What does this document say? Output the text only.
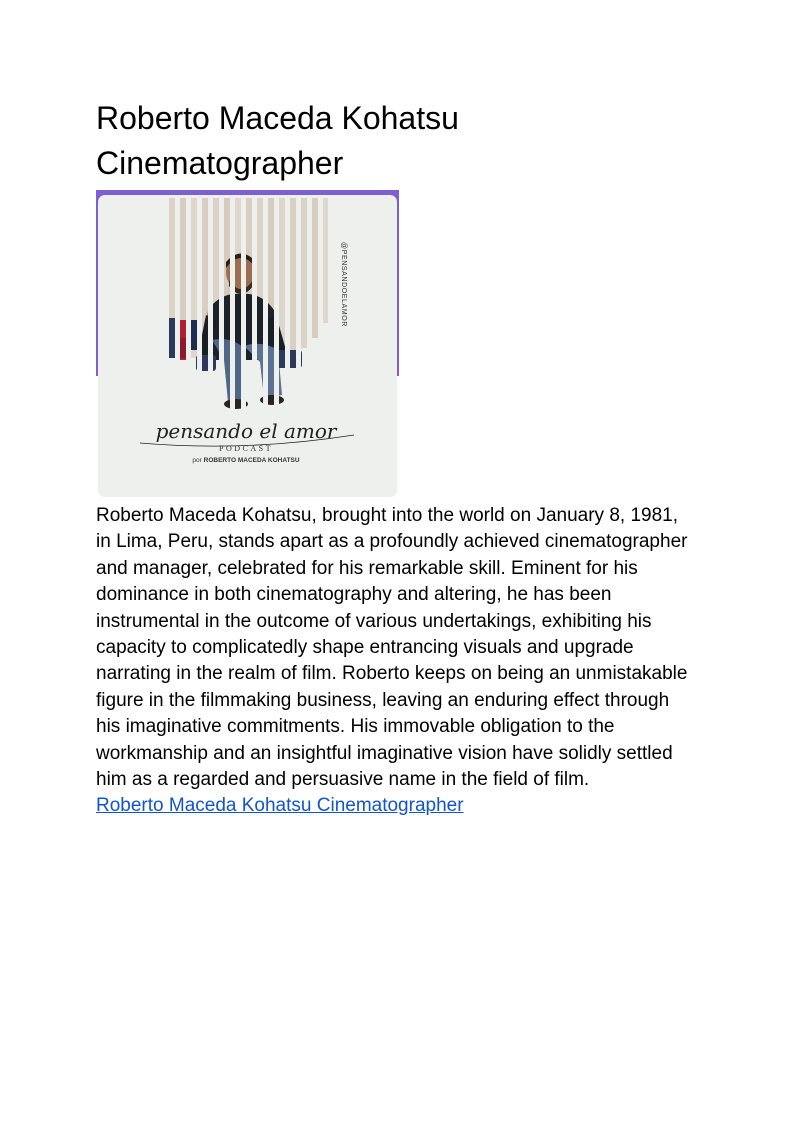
Roberto Maceda Kohatsu
Cinematographer
@PENSANDOELAMOR
pensando el amor
PODCAST
por ROBERTO MACEDA KOHATSU

Roberto Maceda Kohatsu, brought into the world on January 8, 1981, in Lima, Peru, stands apart as a profoundly achieved cinematographer and manager, celebrated for his remarkable skill. Eminent for his dominance in both cinematography and altering, he has been instrumental in the outcome of various undertakings, exhibiting his capacity to complicatedly shape entrancing visuals and upgrade narrating in the realm of film. Roberto keeps on being an unmistakable figure in the filmmaking business, leaving an enduring effect through his imaginative commitments. His immovable obligation to the workmanship and an insightful imaginative vision have solidly settled him as a regarded and persuasive name in the field of film.

Roberto Maceda Kohatsu Cinematographer
